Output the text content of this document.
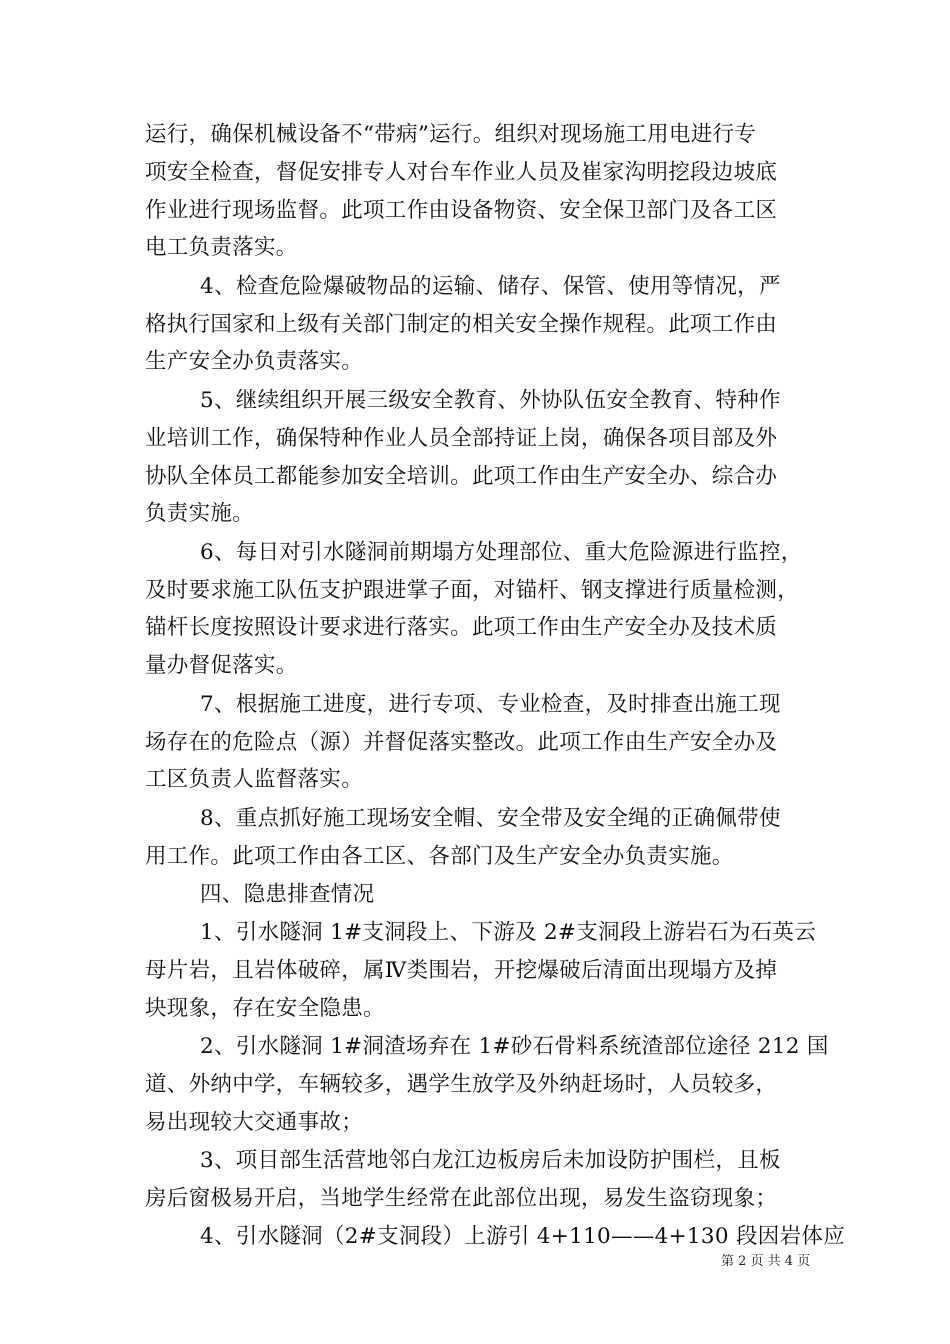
运行，确保机械设备不“带病”运行。组织对现场施工用电进行专
项安全检查，督促安排专人对台车作业人员及崔家沟明挖段边坡底
作业进行现场监督。此项工作由设备物资、安全保卫部门及各工区
电工负责落实。
4、检查危险爆破物品的运输、储存、保管、使用等情况，严
格执行国家和上级有关部门制定的相关安全操作规程。此项工作由
生产安全办负责落实。
5、继续组织开展三级安全教育、外协队伍安全教育、特种作
业培训工作，确保特种作业人员全部持证上岗，确保各项目部及外
协队全体员工都能参加安全培训。此项工作由生产安全办、综合办
负责实施。
6、每日对引水隧洞前期塌方处理部位、重大危险源进行监控，
及时要求施工队伍支护跟进掌子面，对锚杆、钢支撑进行质量检测，
锚杆长度按照设计要求进行落实。此项工作由生产安全办及技术质
量办督促落实。
7、根据施工进度，进行专项、专业检查，及时排查出施工现
场存在的危险点（源）并督促落实整改。此项工作由生产安全办及
工区负责人监督落实。
8、重点抓好施工现场安全帽、安全带及安全绳的正确佩带使
用工作。此项工作由各工区、各部门及生产安全办负责实施。
四、隐患排查情况
1、引水隧洞 1#支洞段上、下游及 2#支洞段上游岩石为石英云
母片岩，且岩体破碎，属Ⅳ类围岩，开挖爆破后清面出现塌方及掉
块现象，存在安全隐患。
2、引水隧洞 1#洞渣场弃在 1#砂石骨料系统渣部位途径 212 国
道、外纳中学，车辆较多，遇学生放学及外纳赶场时，人员较多，
易出现较大交通事故；
3、项目部生活营地邻白龙江边板房后未加设防护围栏，且板
房后窗极易开启，当地学生经常在此部位出现，易发生盗窃现象；
4、引水隧洞（2#支洞段）上游引 4+110——4+130 段因岩体应
第 2 页 共 4 页
